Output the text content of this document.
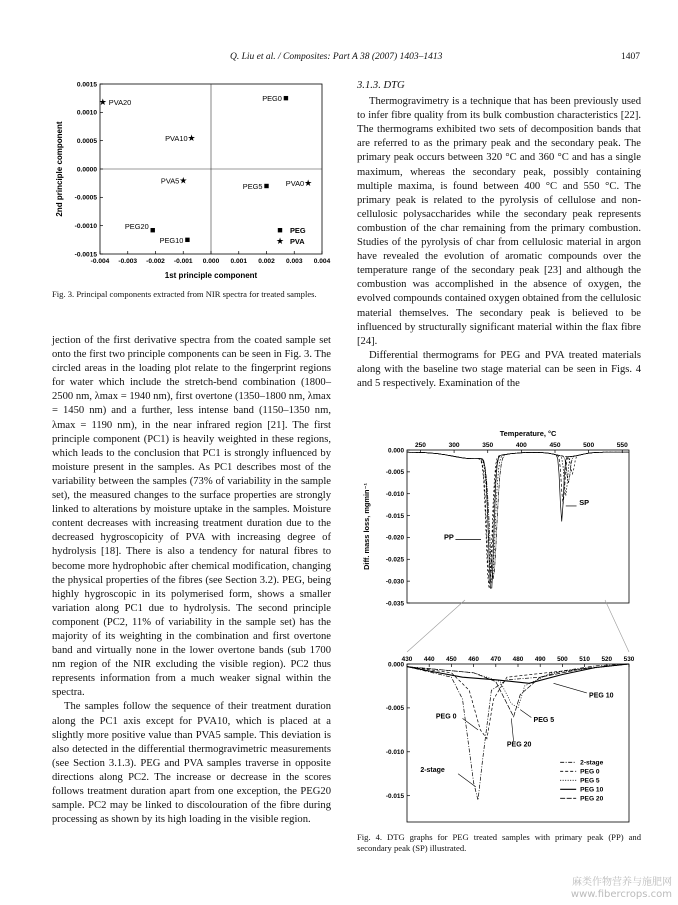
Q. Liu et al. / Composites: Part A 38 (2007) 1403–1413	1407
-0.004 -0.003 -0.002 -0.001 0.000 0.001 0.002 0.003 0.004
0.0015
0.0010
0.0005
0.0000
-0.0005
-0.0010
-0.0015
1st principle component
2nd principle component
PEG0
PEG5
PEG10
PEG20
★ PVA20
★
PVA10
★
PVA5	★
PVA0
PEG
★ PVA
Fig. 3. Principal components extracted from NIR spectra for treated samples.

jection of the first derivative spectra from the coated sample set onto the first two principle components can be seen in Fig. 3. The circled areas in the loading plot relate to the fingerprint regions for water which include the stretch-bend combination (1800–2500 nm, λmax = 1940 nm), first overtone (1350–1800 nm, λmax = 1450 nm) and a further, less intense band (1150–1350 nm, λmax = 1190 nm), in the near infrared region [21]. The first principle component (PC1) is heavily weighted in these regions, which leads to the conclusion that PC1 is strongly influenced by moisture present in the samples. As PC1 describes most of the variability between the samples (73% of variability in the sample set), the measured changes to the surface properties are strongly linked to alterations by moisture uptake in the samples. Moisture content decreases with increasing treatment duration due to the decreased hygroscopicity of PVA with increasing degree of hydrolysis [18]. There is also a tendency for natural fibres to become more hydrophobic after chemical modification, changing the physical properties of the fibres (see Section 3.2). PEG, being highly hygroscopic in its polymerised form, shows a smaller variation along PC1 due to hydrolysis. The second principle component (PC2, 11% of variability in the sample set) has the majority of its weighting in the combination and first overtone band and virtually none in the lower overtone bands (sub 1700 nm region of the NIR excluding the visible region). PC2 thus represents information from a much weaker signal within the spectra.

The samples follow the sequence of their treatment duration along the PC1 axis except for PVA10, which is placed at a slightly more positive value than PVA5 sample. This deviation is also detected in the differential thermogravimetric measurements (see Section 3.1.3). PEG and PVA samples traverse in opposite directions along PC2. The increase or decrease in the scores follows treatment duration apart from one exception, the PEG20 sample. PC2 may be linked to discolouration of the fibre during processing as shown by its high loading in the visible region.

3.1.3. DTG

Thermogravimetry is a technique that has been previously used to infer fibre quality from its bulk combustion characteristics [22]. The thermograms exhibited two sets of decomposition bands that are referred to as the primary peak and the secondary peak. The primary peak occurs between 320 °C and 360 °C and has a single maximum, whereas the secondary peak, possibly containing multiple maxima, is found between 400 °C and 550 °C. The primary peak is related to the pyrolysis of cellulose and non-cellulosic polysaccharides while the secondary peak represents combustion of the char remaining from the primary combustion. Studies of the pyrolysis of char from cellulosic material in argon have revealed the evolution of aromatic compounds over the temperature range of the secondary peak [23] and although the combustion was accomplished in the absence of oxygen, the evolved compounds contained oxygen obtained from the cellulosic material themselves. The secondary peak is believed to be influenced by structurally significant material within the flax fibre [24].

Differential thermograms for PEG and PVA treated materials along with the baseline two stage material can be seen in Figs. 4 and 5 respectively. Examination of the

Temperature, °C
250	300	350	400	450	500	550
0.000
-0.005
-0.010
-0.015
-0.020
-0.025
-0.030
-0.035
Diff. mass loss, mgmin⁻¹	PP
SP
430 440 450 460 470 480 490 500 510 520 530
0.000
-0.005
-0.010
-0.015
PEG 10
PEG 0
PEG 5
PEG 20
2-stage
2-stage
PEG 0
PEG 5
PEG 10
PEG 20
Fig. 4. DTG graphs for PEG treated samples with primary peak (PP) and secondary peak (SP) illustrated.
麻类作物营养与施肥网
www.fibercrops.com
